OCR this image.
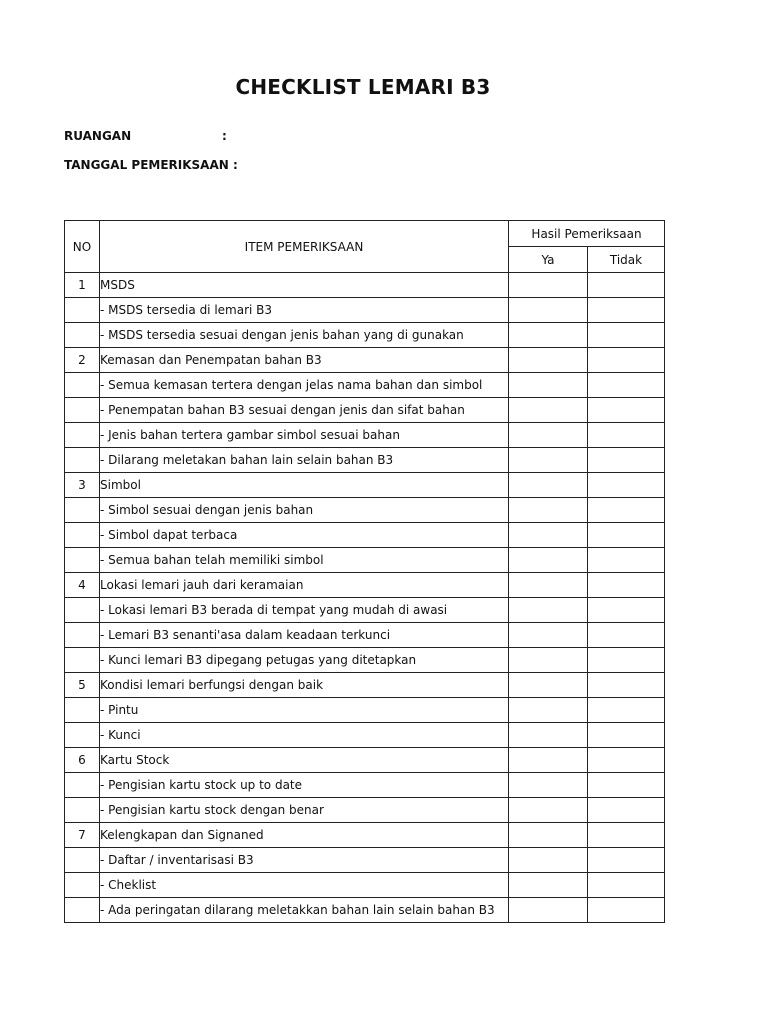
CHECKLIST LEMARI B3
RUANGAN	:
TANGGAL PEMERIKSAAN :
NO	ITEM PEMERIKSAAN	Hasil Pemeriksaan	
		Ya	Tidak
1	MSDS		
	- MSDS tersedia di lemari B3		
	- MSDS tersedia sesuai dengan jenis bahan yang di gunakan		
2	Kemasan dan Penempatan bahan B3		
	- Semua kemasan tertera dengan jelas nama bahan dan simbol		
	- Penempatan bahan B3 sesuai dengan jenis dan sifat bahan		
	- Jenis bahan tertera gambar simbol sesuai bahan		
	- Dilarang meletakan bahan lain selain bahan B3		
3	Simbol		
	- Simbol sesuai dengan jenis bahan		
	- Simbol dapat terbaca		
	- Semua bahan telah memiliki simbol		
4	Lokasi lemari jauh dari keramaian		
	- Lokasi lemari B3 berada di tempat yang mudah di awasi		
	- Lemari B3 senanti'asa dalam keadaan terkunci		
	- Kunci lemari B3 dipegang petugas yang ditetapkan		
5	Kondisi lemari berfungsi dengan baik		
	- Pintu		
	- Kunci		
6	Kartu Stock		
	- Pengisian kartu stock up to date		
	- Pengisian kartu stock dengan benar		
7	Kelengkapan dan Signaned		
	- Daftar / inventarisasi B3		
	- Cheklist		
	- Ada peringatan dilarang meletakkan bahan lain selain bahan B3		
